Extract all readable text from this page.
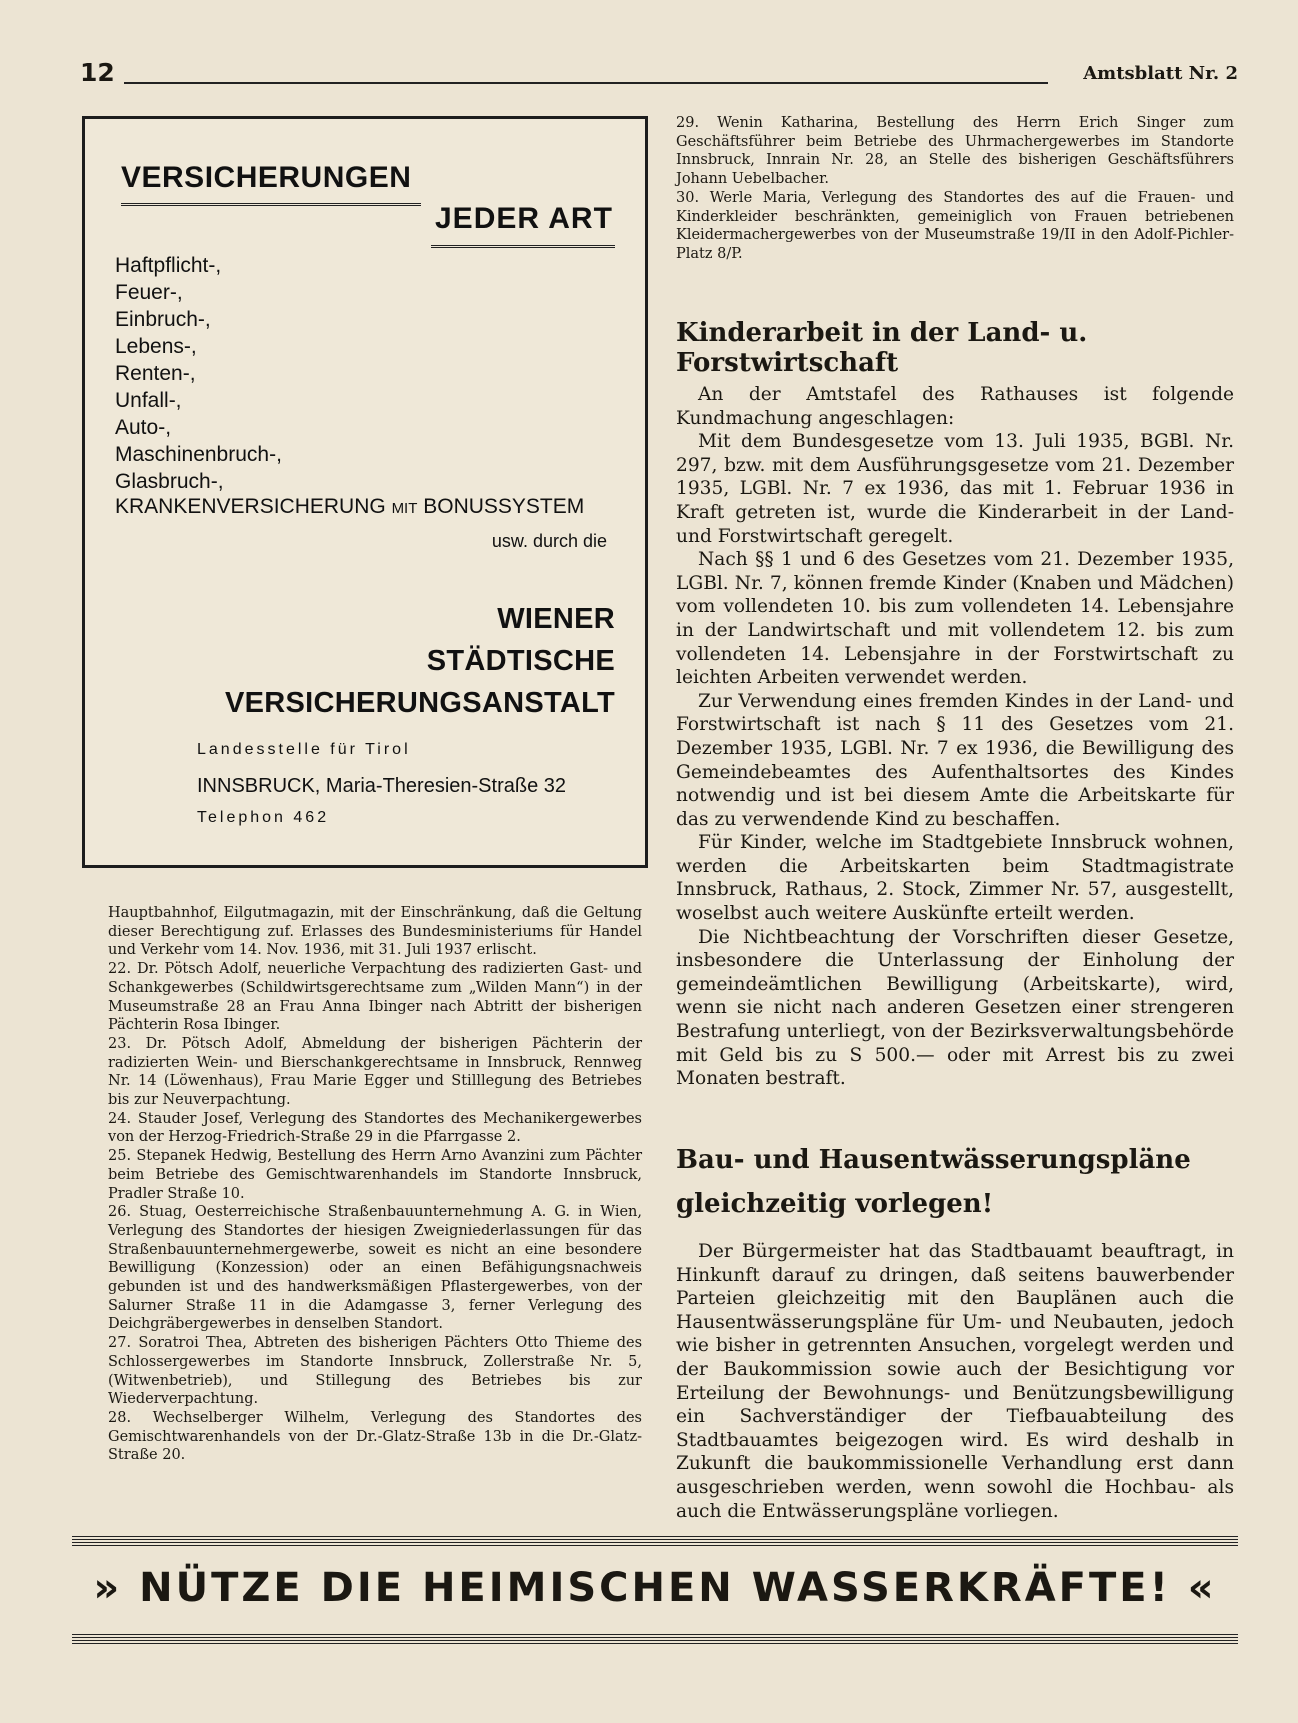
12	Amtsblatt Nr. 2
VERSICHERUNGEN
JEDER ART
Haftpflicht-,
Feuer-,
Einbruch-,
Lebens-,
Renten-,
Unfall-,
Auto-,
Maschinenbruch-,
Glasbruch-,
KRANKENVERSICHERUNG MIT BONUSSYSTEM
usw. durch die
WIENER
STÄDTISCHE
VERSICHERUNGSANSTALT
Landesstelle für Tirol
INNSBRUCK, Maria-Theresien-Straße 32
Telephon 462

Hauptbahnhof, Eilgutmagazin, mit der Einschränkung, daß die Geltung dieser Berechtigung zuf. Erlasses des Bundesministeriums für Handel und Verkehr vom 14. Nov. 1936, mit 31. Juli 1937 erlischt.

22. Dr. Pötsch Adolf, neuerliche Verpachtung des radizierten Gast- und Schankgewerbes (Schildwirtsgerechtsame zum „Wilden Mann“) in der Museumstraße 28 an Frau Anna Ibinger nach Abtritt der bisherigen Pächterin Rosa Ibinger.

23. Dr. Pötsch Adolf, Abmeldung der bisherigen Pächterin der radizierten Wein- und Bierschankgerechtsame in Innsbruck, Rennweg Nr. 14 (Löwenhaus), Frau Marie Egger und Stilllegung des Betriebes bis zur Neuverpachtung.

24. Stauder Josef, Verlegung des Standortes des Mechanikergewerbes von der Herzog-Friedrich-Straße 29 in die Pfarrgasse 2.

25. Stepanek Hedwig, Bestellung des Herrn Arno Avanzini zum Pächter beim Betriebe des Gemischtwarenhandels im Standorte Innsbruck, Pradler Straße 10.

26. Stuag, Oesterreichische Straßenbauunternehmung A. G. in Wien, Verlegung des Standortes der hiesigen Zweigniederlassungen für das Straßenbauunternehmergewerbe, soweit es nicht an eine besondere Bewilligung (Konzession) oder an einen Befähigungsnachweis gebunden ist und des handwerksmäßigen Pflastergewerbes, von der Salurner Straße 11 in die Adamgasse 3, ferner Verlegung des Deichgräbergewerbes in denselben Standort.

27. Soratroi Thea, Abtreten des bisherigen Pächters Otto Thieme des Schlossergewerbes im Standorte Innsbruck, Zollerstraße Nr. 5, (Witwenbetrieb), und Stillegung des Betriebes bis zur Wiederverpachtung.

28. Wechselberger Wilhelm, Verlegung des Standortes des Gemischtwarenhandels von der Dr.-Glatz-Straße 13b in die Dr.-Glatz-Straße 20.

29. Wenin Katharina, Bestellung des Herrn Erich Singer zum Geschäftsführer beim Betriebe des Uhrmachergewerbes im Standorte Innsbruck, Innrain Nr. 28, an Stelle des bisherigen Geschäftsführers Johann Uebelbacher.

30. Werle Maria, Verlegung des Standortes des auf die Frauen- und Kinderkleider beschränkten, gemeiniglich von Frauen betriebenen Kleidermachergewerbes von der Museumstraße 19/II in den Adolf-Pichler-Platz 8/P.

Kinderarbeit in der Land- u. Forstwirtschaft

An der Amtstafel des Rathauses ist folgende Kundmachung angeschlagen:

Mit dem Bundesgesetze vom 13. Juli 1935, BGBl. Nr. 297, bzw. mit dem Ausführungsgesetze vom 21. Dezember 1935, LGBl. Nr. 7 ex 1936, das mit 1. Februar 1936 in Kraft getreten ist, wurde die Kinderarbeit in der Land- und Forstwirtschaft geregelt.

Nach §§ 1 und 6 des Gesetzes vom 21. Dezember 1935, LGBl. Nr. 7, können fremde Kinder (Knaben und Mädchen) vom vollendeten 10. bis zum vollendeten 14. Lebensjahre in der Landwirtschaft und mit vollendetem 12. bis zum vollendeten 14. Lebensjahre in der Forstwirtschaft zu leichten Arbeiten verwendet werden.

Zur Verwendung eines fremden Kindes in der Land- und Forstwirtschaft ist nach § 11 des Gesetzes vom 21. Dezember 1935, LGBl. Nr. 7 ex 1936, die Bewilligung des Gemeindebeamtes des Aufenthaltsortes des Kindes notwendig und ist bei diesem Amte die Arbeitskarte für das zu verwendende Kind zu beschaffen.

Für Kinder, welche im Stadtgebiete Innsbruck wohnen, werden die Arbeitskarten beim Stadtmagistrate Innsbruck, Rathaus, 2. Stock, Zimmer Nr. 57, ausgestellt, woselbst auch weitere Auskünfte erteilt werden.

Die Nichtbeachtung der Vorschriften dieser Gesetze, insbesondere die Unterlassung der Einholung der gemeindeämtlichen Bewilligung (Arbeitskarte), wird, wenn sie nicht nach anderen Gesetzen einer strengeren Bestrafung unterliegt, von der Bezirksverwaltungsbehörde mit Geld bis zu S 500.— oder mit Arrest bis zu zwei Monaten bestraft.

Bau- und Hausentwässerungspläne
gleichzeitig vorlegen!

Der Bürgermeister hat das Stadtbauamt beauftragt, in Hinkunft darauf zu dringen, daß seitens bauwerbender Parteien gleichzeitig mit den Bauplänen auch die Hausentwässerungspläne für Um- und Neubauten, jedoch wie bisher in getrennten Ansuchen, vorgelegt werden und der Baukommission sowie auch der Besichtigung vor Erteilung der Bewohnungs- und Benützungsbewilligung ein Sachverständiger der Tiefbauabteilung des Stadtbauamtes beigezogen wird. Es wird deshalb in Zukunft die baukommissionelle Verhandlung erst dann ausgeschrieben werden, wenn sowohl die Hochbau- als auch die Entwässerungspläne vorliegen.

» NÜTZE DIE HEIMISCHEN WASSERKRÄFTE! «
